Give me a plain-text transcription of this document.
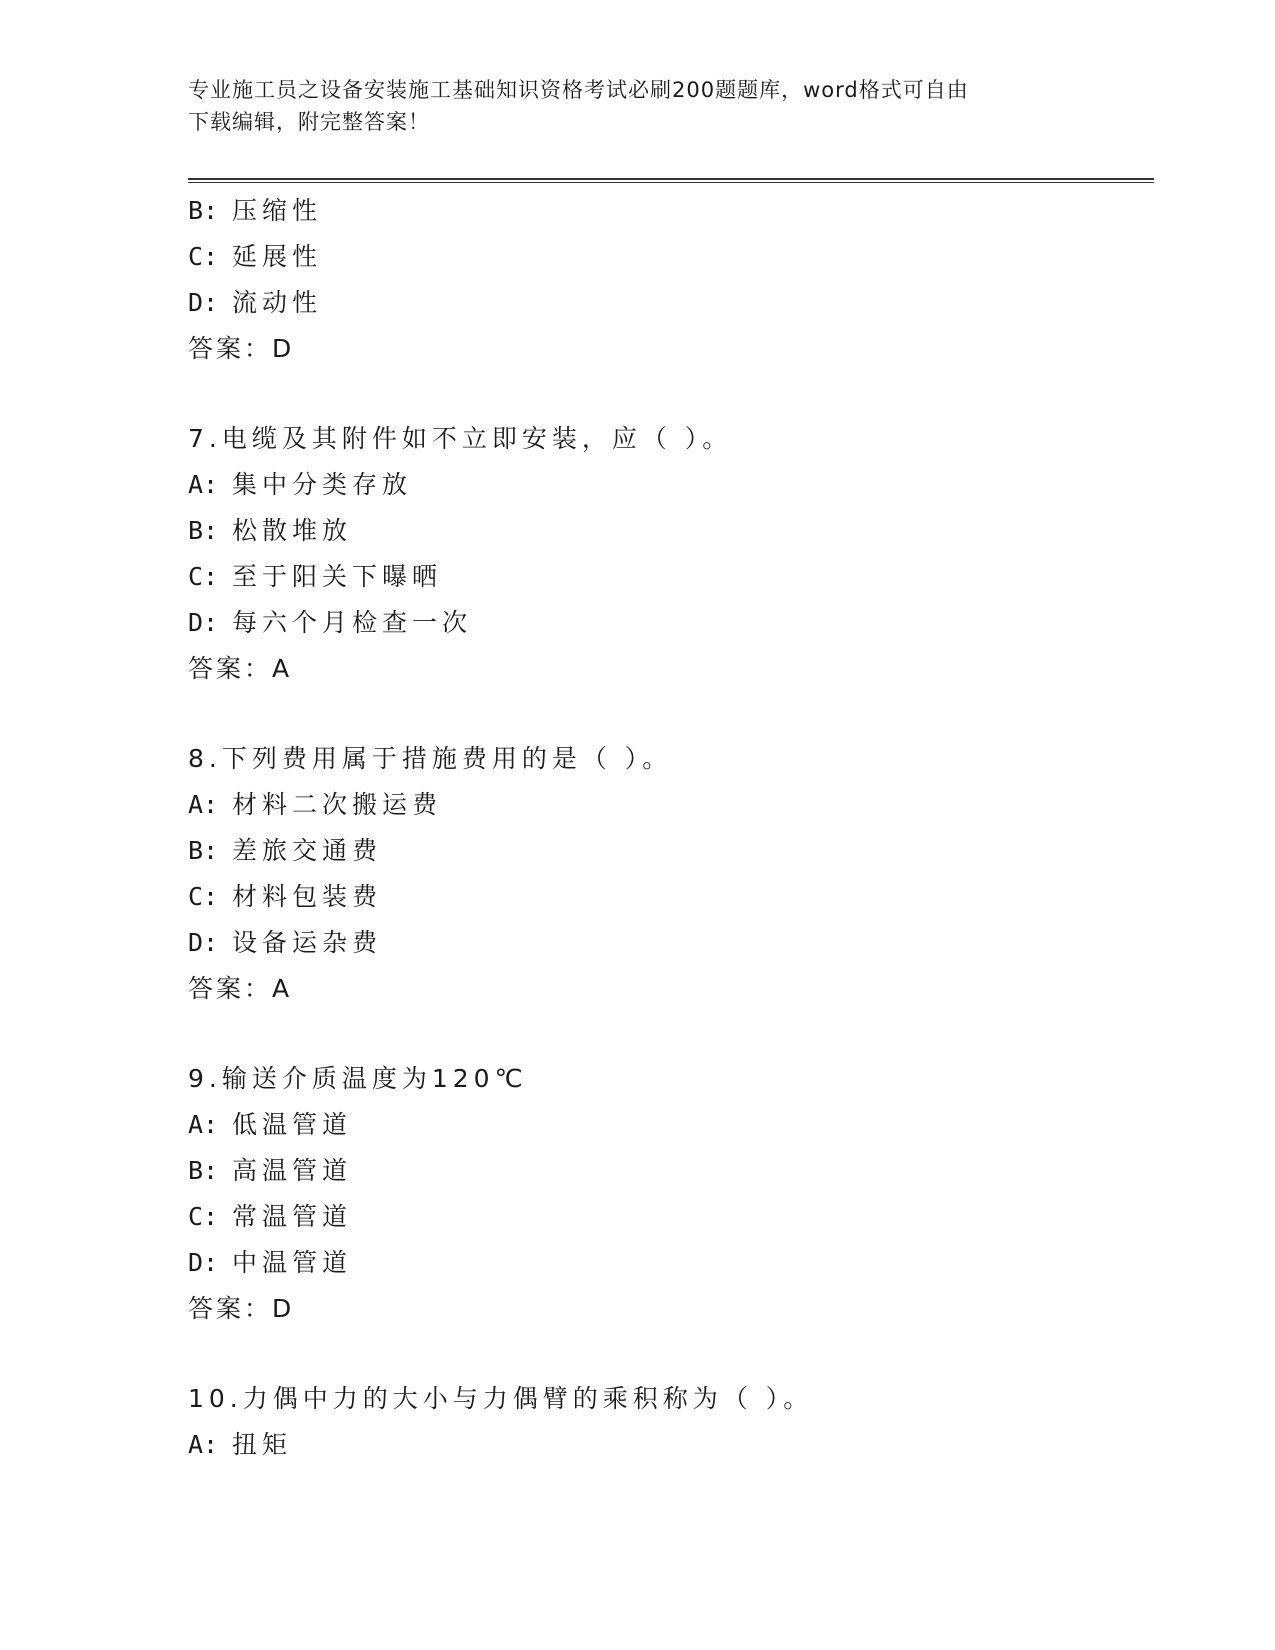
专业施工员之设备安装施工基础知识资格考试必刷200题题库，word格式可自由
下载编辑，附完整答案！
B: 压缩性
C: 延展性
D: 流动性
答案：D
7.电缆及其附件如不立即安装，应（ ）。
A: 集中分类存放
B: 松散堆放
C: 至于阳关下曝晒
D: 每六个月检查一次
答案：A
8.下列费用属于措施费用的是（ ）。
A: 材料二次搬运费
B: 差旅交通费
C: 材料包装费
D: 设备运杂费
答案：A
9.输送介质温度为120℃
A: 低温管道
B: 高温管道
C: 常温管道
D: 中温管道
答案：D
10.力偶中力的大小与力偶臂的乘积称为（ ）。
A: 扭矩
